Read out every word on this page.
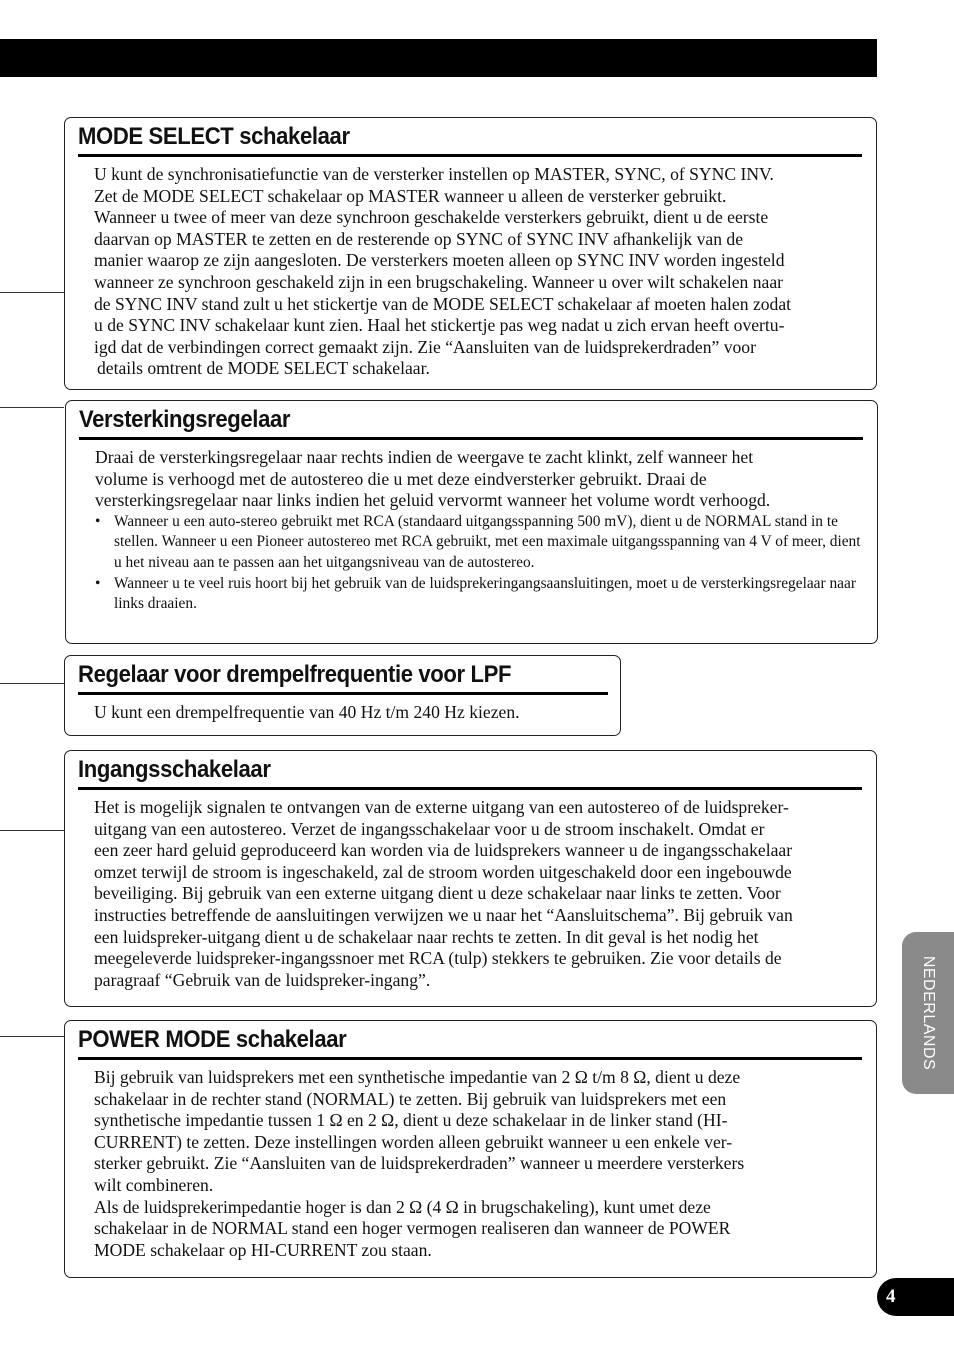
MODE SELECT schakelaar

U kunt de synchronisatiefunctie van de versterker instellen op MASTER, SYNC, of SYNC INV.

Zet de MODE SELECT schakelaar op MASTER wanneer u alleen de versterker gebruikt.

Wanneer u twee of meer van deze synchroon geschakelde versterkers gebruikt, dient u de eerste

daarvan op MASTER te zetten en de resterende op SYNC of SYNC INV afhankelijk van de

manier waarop ze zijn aangesloten. De versterkers moeten alleen op SYNC INV worden ingesteld

wanneer ze synchroon geschakeld zijn in een brugschakeling. Wanneer u over wilt schakelen naar

de SYNC INV stand zult u het stickertje van de MODE SELECT schakelaar af moeten halen zodat

u de SYNC INV schakelaar kunt zien. Haal het stickertje pas weg nadat u zich ervan heeft overtu-

igd dat de verbindingen correct gemaakt zijn. Zie “Aansluiten van de luidsprekerdraden” voor

details omtrent de MODE SELECT schakelaar.

Versterkingsregelaar

Draai de versterkingsregelaar naar rechts indien de weergave te zacht klinkt, zelf wanneer het

volume is verhoogd met de autostereo die u met deze eindversterker gebruikt. Draai de

versterkingsregelaar naar links indien het geluid vervormt wanneer het volume wordt verhoogd.

• Wanneer u een auto-stereo gebruikt met RCA (standaard uitgangsspanning 500 mV), dient u de NORMAL stand in te stellen. Wanneer u een Pioneer autostereo met RCA gebruikt, met een maximale uitgangsspanning van 4 V of meer, dient u het niveau aan te passen aan het uitgangsniveau van de autostereo.
• Wanneer u te veel ruis hoort bij het gebruik van de luidsprekeringangsaansluitingen, moet u de versterkingsregelaar naar links draaien.
Regelaar voor drempelfrequentie voor LPF

U kunt een drempelfrequentie van 40 Hz t/m 240 Hz kiezen.

Ingangsschakelaar

Het is mogelijk signalen te ontvangen van de externe uitgang van een autostereo of de luidspreker-

uitgang van een autostereo. Verzet de ingangsschakelaar voor u de stroom inschakelt. Omdat er

een zeer hard geluid geproduceerd kan worden via de luidsprekers wanneer u de ingangsschakelaar

omzet terwijl de stroom is ingeschakeld, zal de stroom worden uitgeschakeld door een ingebouwde

beveiliging. Bij gebruik van een externe uitgang dient u deze schakelaar naar links te zetten. Voor

instructies betreffende de aansluitingen verwijzen we u naar het “Aansluitschema”. Bij gebruik van

een luidspreker-uitgang dient u de schakelaar naar rechts te zetten. In dit geval is het nodig het

meegeleverde luidspreker-ingangssnoer met RCA (tulp) stekkers te gebruiken. Zie voor details de

paragraaf “Gebruik van de luidspreker-ingang”.

POWER MODE schakelaar

Bij gebruik van luidsprekers met een synthetische impedantie van 2 Ω t/m 8 Ω, dient u deze

schakelaar in de rechter stand (NORMAL) te zetten. Bij gebruik van luidsprekers met een

synthetische impedantie tussen 1 Ω en 2 Ω, dient u deze schakelaar in de linker stand (HI-

CURRENT) te zetten. Deze instellingen worden alleen gebruikt wanneer u een enkele ver-

sterker gebruikt. Zie “Aansluiten van de luidsprekerdraden” wanneer u meerdere versterkers

wilt combineren.

Als de luidsprekerimpedantie hoger is dan 2 Ω (4 Ω in brugschakeling), kunt umet deze

schakelaar in de NORMAL stand een hoger vermogen realiseren dan wanneer de POWER

MODE schakelaar op HI-CURRENT zou staan.

NEDERLANDS
4
